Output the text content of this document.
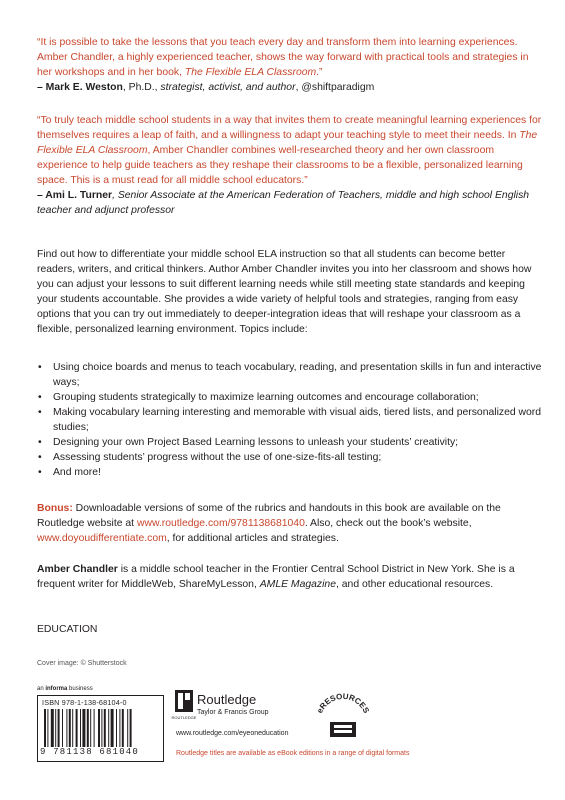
“It is possible to take the lessons that you teach every day and transform them into learning experiences. Amber Chandler, a highly experienced teacher, shows the way forward with practical tools and strategies in her workshops and in her book, The Flexible ELA Classroom.”
– Mark E. Weston, Ph.D., strategist, activist, and author, @shiftparadigm
“To truly teach middle school students in a way that invites them to create meaningful learning experiences for themselves requires a leap of faith, and a willingness to adapt your teaching style to meet their needs. In The Flexible ELA Classroom, Amber Chandler combines well-researched theory and her own classroom experience to help guide teachers as they reshape their classrooms to be a flexible, personalized learning space. This is a must read for all middle school educators.”
– Ami L. Turner, Senior Associate at the American Federation of Teachers, middle and high school English teacher and adjunct professor
Find out how to differentiate your middle school ELA instruction so that all students can become better readers, writers, and critical thinkers. Author Amber Chandler invites you into her classroom and shows how you can adjust your lessons to suit different learning needs while still meeting state standards and keeping your students accountable. She provides a wide variety of helpful tools and strategies, ranging from easy options that you can try out immediately to deeper-integration ideas that will reshape your classroom as a flexible, personalized learning environment. Topics include:
• Using choice boards and menus to teach vocabulary, reading, and presentation skills in fun and interactive ways;
• Grouping students strategically to maximize learning outcomes and encourage collaboration;
• Making vocabulary learning interesting and memorable with visual aids, tiered lists, and personalized word studies;
• Designing your own Project Based Learning lessons to unleash your students’ creativity;
• Assessing students’ progress without the use of one-size-fits-all testing;
• And more!
Bonus: Downloadable versions of some of the rubrics and handouts in this book are available on the Routledge website at www.routledge.com/9781138681040. Also, check out the book’s website, www.doyoudifferentiate.com, for additional articles and strategies.
Amber Chandler is a middle school teacher in the Frontier Central School District in New York. She is a frequent writer for MiddleWeb, ShareMyLesson, AMLE Magazine, and other educational resources.
EDUCATION
Cover image: © Shutterstock
an informa business
ISBN 978-1-138-68104-0
9 781138 681040
ROUTLEDGE
Routledge
Taylor & Francis Group
www.routledge.com/eyeoneducation
eRESOURCES
Routledge titles are available as eBook editions in a range of digital formats
